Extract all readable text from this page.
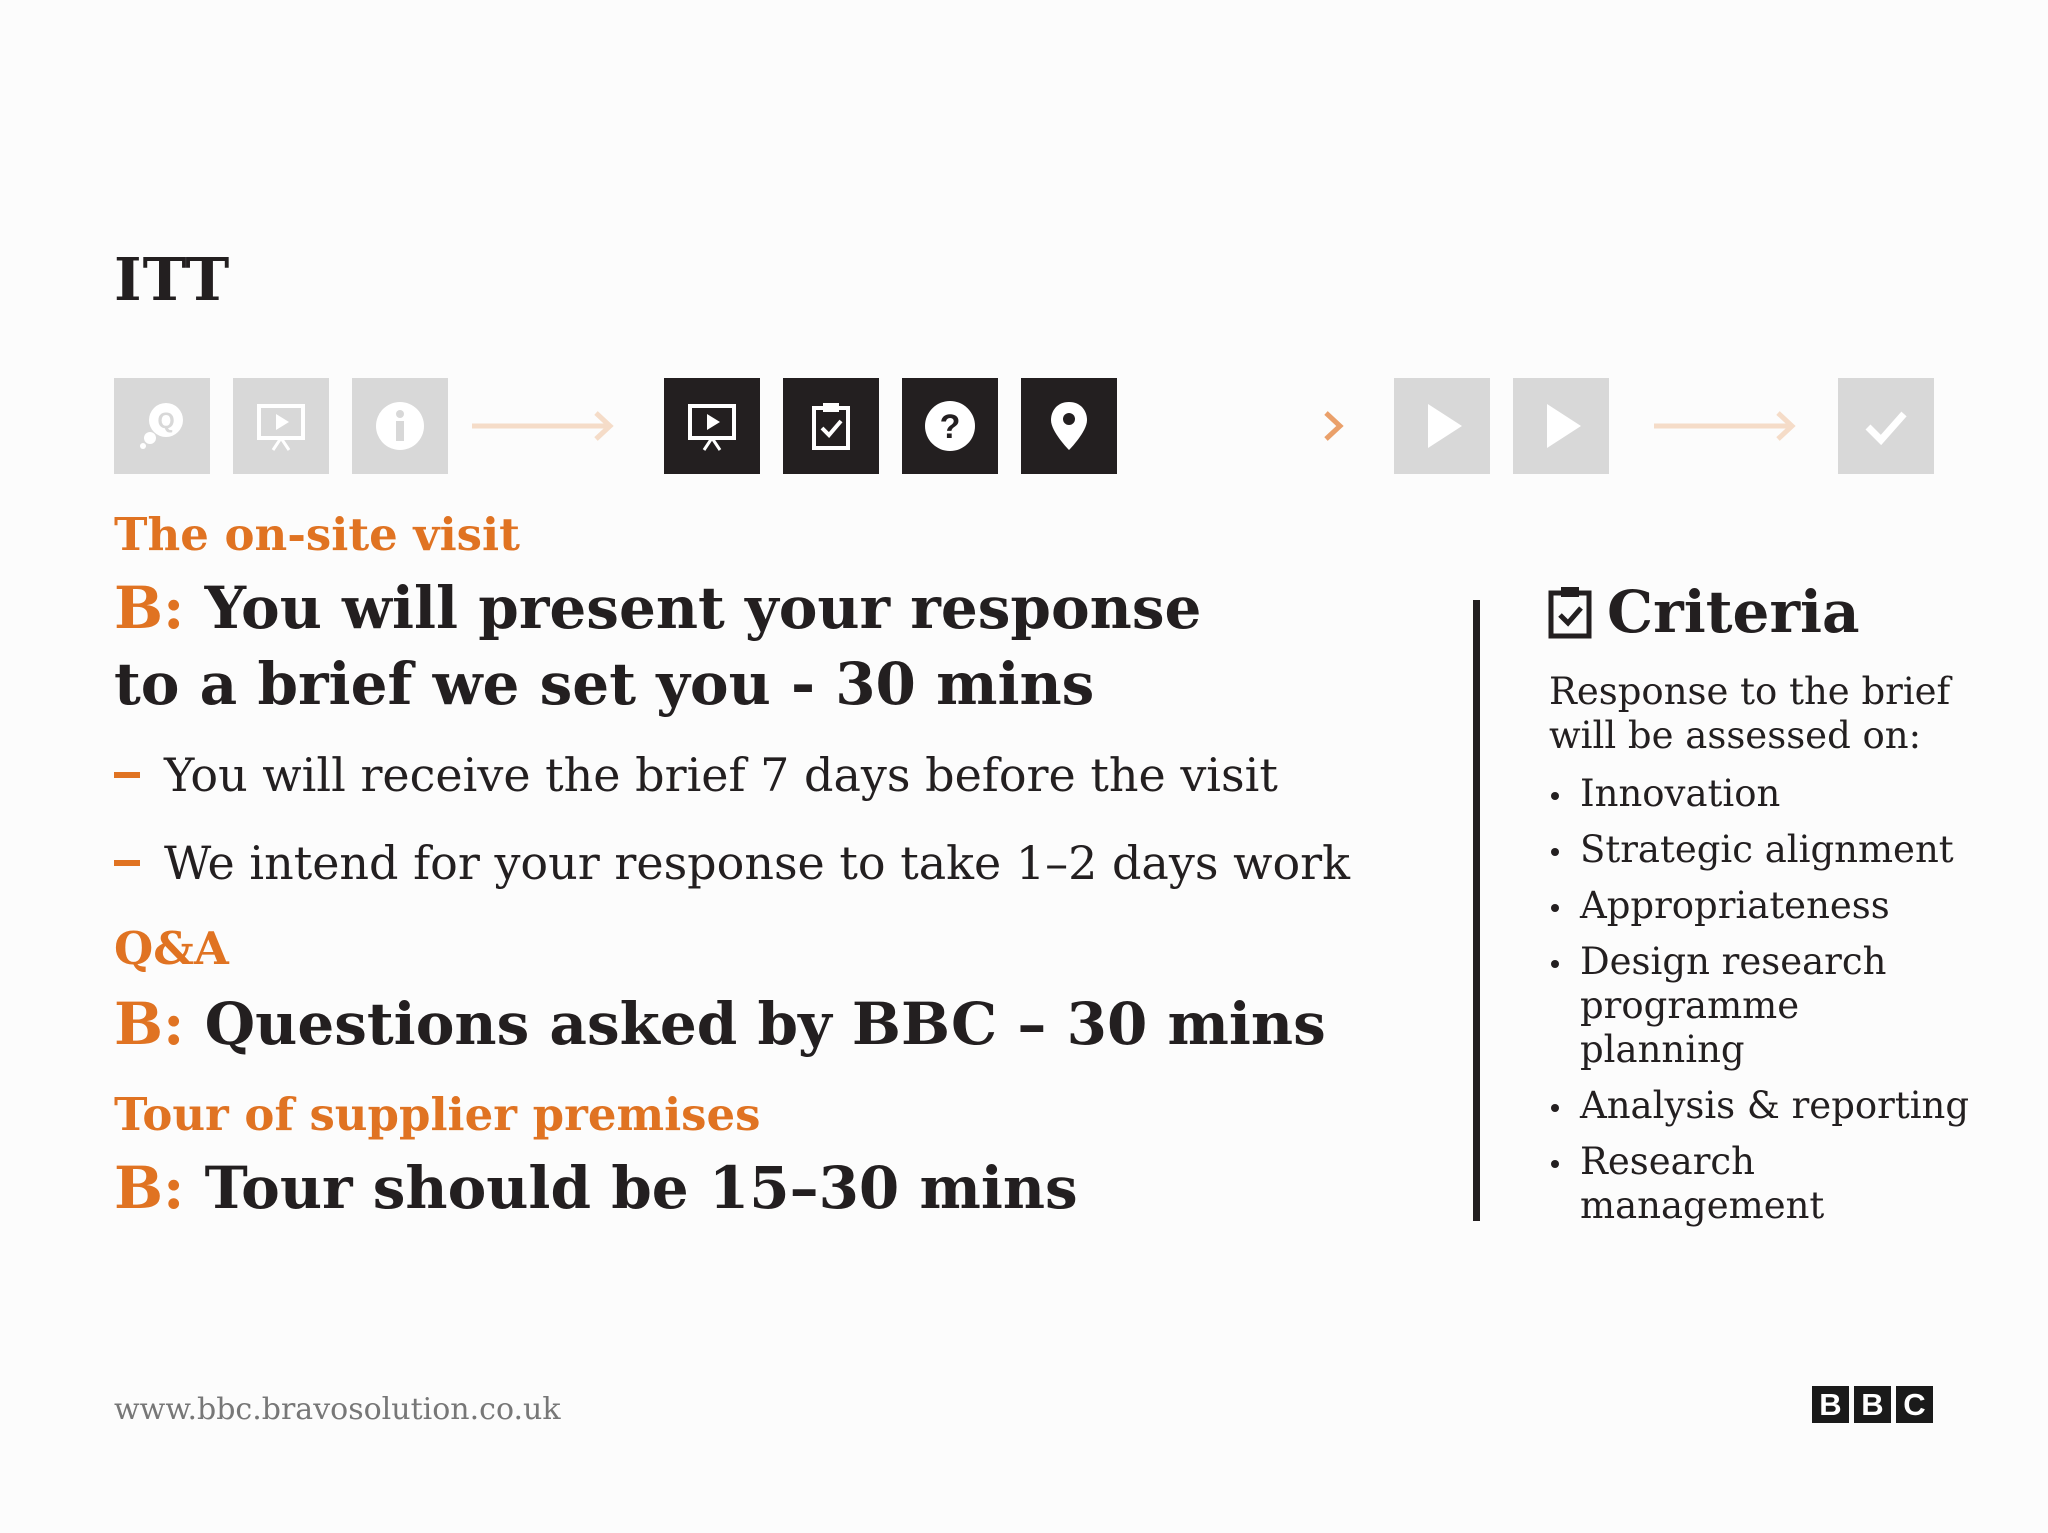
ITT
Q	?
The on-site visit
B: You will present your response
to a brief we set you - 30 mins
You will receive the brief 7 days before the visit
We intend for your response to take 1–2 days work
Q&A
B: Questions asked by BBC – 30 mins
Tour of supplier premises
B: Tour should be 15–30 mins
Criteria
Response to the brief will be assessed on:
Innovation
Strategic alignment
Appropriateness
Design research programme planning
Analysis & reporting
Research management
www.bbc.bravosolution.co.uk	B B C
